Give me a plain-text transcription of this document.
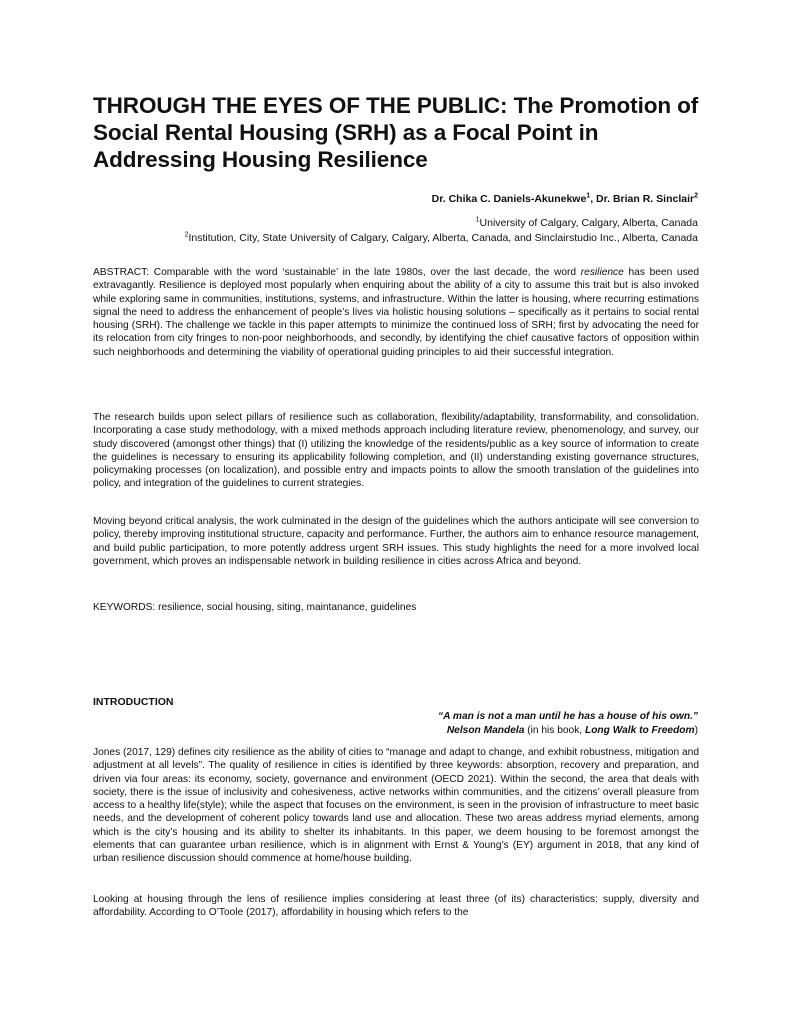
THROUGH THE EYES OF THE PUBLIC: The Promotion of Social Rental Housing (SRH) as a Focal Point in Addressing Housing Resilience
Dr. Chika C. Daniels-Akunekwe$^1$, Dr. Brian R. Sinclair$^2$
$^1$University of Calgary, Calgary, Alberta, Canada
$^2$Institution, City, State University of Calgary, Calgary, Alberta, Canada, and Sinclairstudio Inc., Alberta, Canada

ABSTRACT: Comparable with the word ‘sustainable’ in the late 1980s, over the last decade, the word resilience has been used extravagantly. Resilience is deployed most popularly when enquiring about the ability of a city to assume this trait but is also invoked while exploring same in communities, institutions, systems, and infrastructure. Within the latter is housing, where recurring estimations signal the need to address the enhancement of people’s lives via holistic housing solutions – specifically as it pertains to social rental housing (SRH). The challenge we tackle in this paper attempts to minimize the continued loss of SRH; first by advocating the need for its relocation from city fringes to non-poor neighborhoods, and secondly, by identifying the chief causative factors of opposition within such neighborhoods and determining the viability of operational guiding principles to aid their successful integration.

The research builds upon select pillars of resilience such as collaboration, flexibility/adaptability, transformability, and consolidation. Incorporating a case study methodology, with a mixed methods approach including literature review, phenomenology, and survey, our study discovered (amongst other things) that (I) utilizing the knowledge of the residents/public as a key source of information to create the guidelines is necessary to ensuring its applicability following completion, and (II) understanding existing governance structures, policymaking processes (on localization), and possible entry and impacts points to allow the smooth translation of the guidelines into policy, and integration of the guidelines to current strategies.

Moving beyond critical analysis, the work culminated in the design of the guidelines which the authors anticipate will see conversion to policy, thereby improving institutional structure, capacity and performance. Further, the authors aim to enhance resource management, and build public participation, to more potently address urgent SRH issues. This study highlights the need for a more involved local government, which proves an indispensable network in building resilience in cities across Africa and beyond.

KEYWORDS: resilience, social housing, siting, maintanance, guidelines

INTRODUCTION
“A man is not a man until he has a house of his own.”
Nelson Mandela (in his book, Long Walk to Freedom)

Jones (2017, 129) defines city resilience as the ability of cities to “manage and adapt to change, and exhibit robustness, mitigation and adjustment at all levels”. The quality of resilience in cities is identified by three keywords: absorption, recovery and preparation, and driven via four areas: its economy, society, governance and environment (OECD 2021). Within the second, the area that deals with society, there is the issue of inclusivity and cohesiveness, active networks within communities, and the citizens’ overall pleasure from access to a healthy life(style); while the aspect that focuses on the environment, is seen in the provision of infrastructure to meet basic needs, and the development of coherent policy towards land use and allocation. These two areas address myriad elements, among which is the city’s housing and its ability to shelter its inhabitants. In this paper, we deem housing to be foremost amongst the elements that can guarantee urban resilience, which is in alignment with Ernst & Young’s (EY) argument in 2018, that any kind of urban resilience discussion should commence at home/house building.

Looking at housing through the lens of resilience implies considering at least three (of its) characteristics: supply, diversity and affordability. According to O’Toole (2017), affordability in housing which refers to the
